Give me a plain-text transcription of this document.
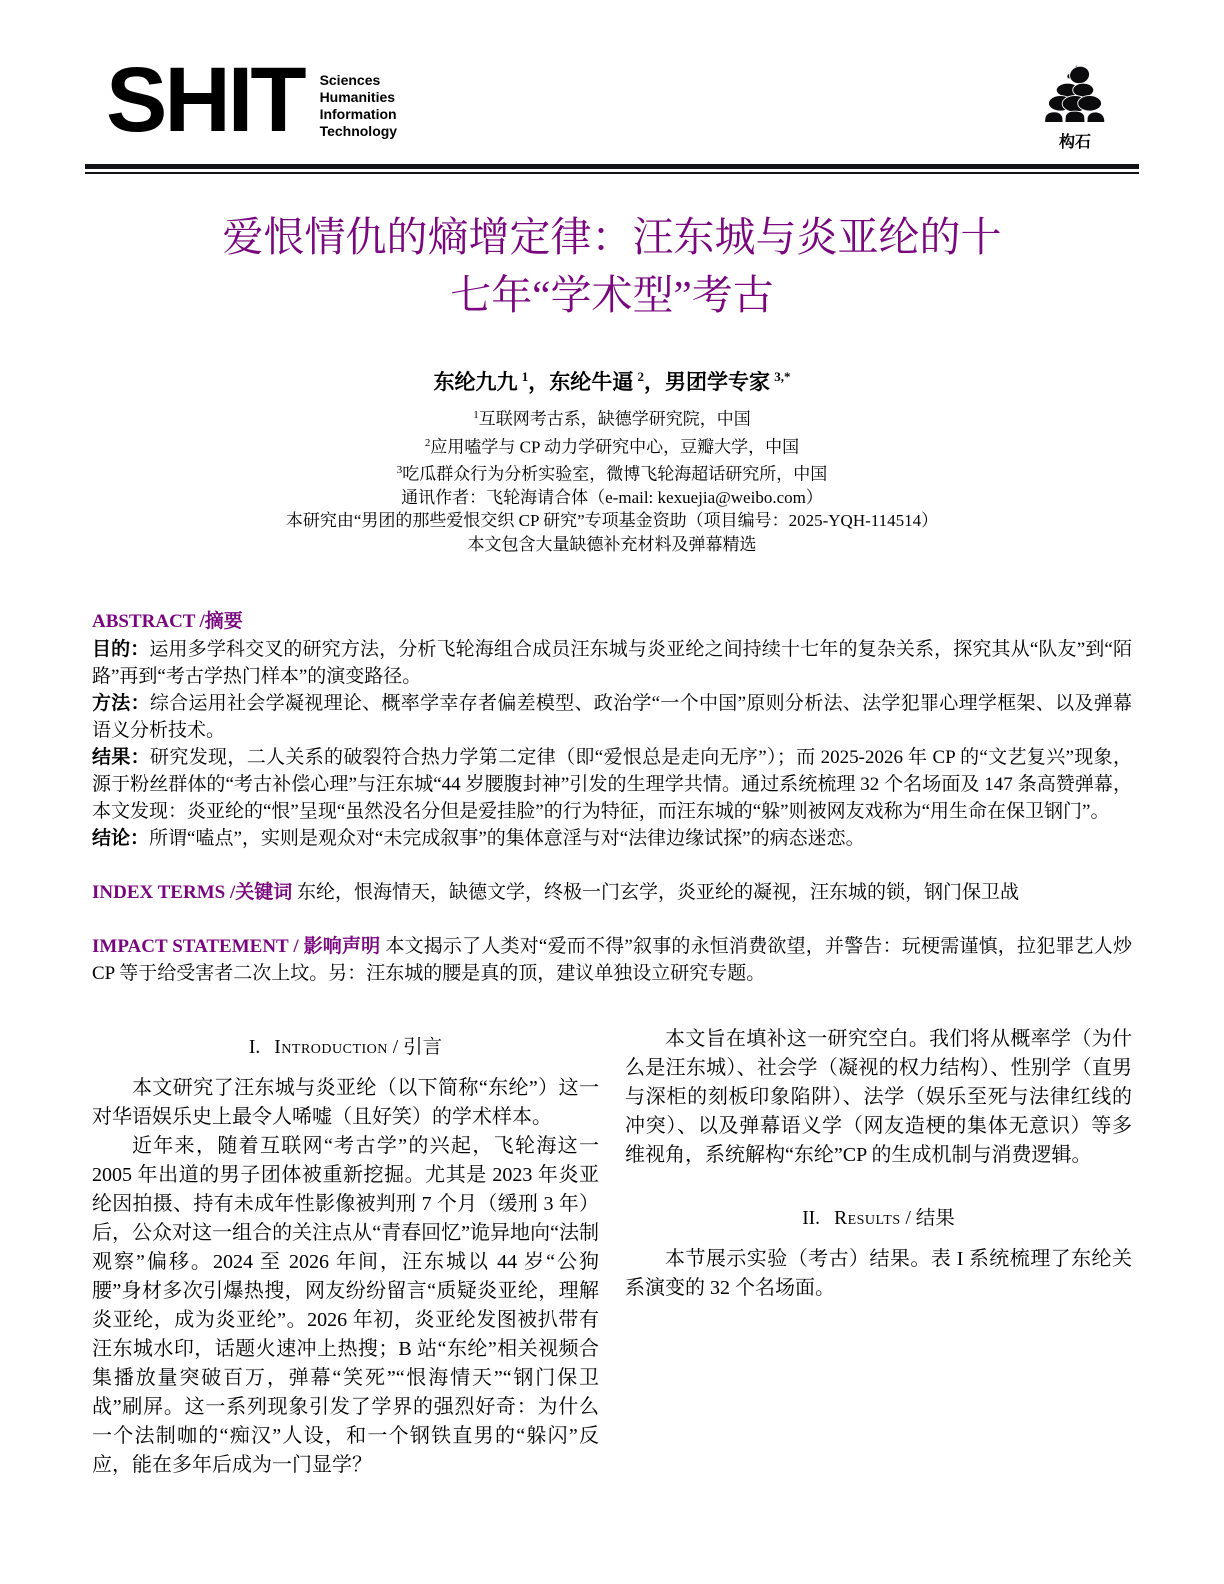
SHIT Sciences
Humanities
Information
Technology
构石
爱恨情仇的熵增定律：汪东城与炎亚纶的十
七年“学术型”考古
东纶九九  $^1$，东纶牛逼  $^2$，男团学专家  $^{3,*}$
$^1$互联网考古系，缺德学研究院，中国
$^2$应用嗑学与 CP 动力学研究中心，豆瓣大学，中国
$^3$吃瓜群众行为分析实验室，微博飞轮海超话研究所，中国
通讯作者：飞轮海请合体（e-mail: kexuejia@weibo.com）
本研究由“男团的那些爱恨交织 CP 研究”专项基金资助（项目编号：2025-YQH-114514）
本文包含大量缺德补充材料及弹幕精选
ABSTRACT /摘要

目的：运用多学科交叉的研究方法，分析飞轮海组合成员汪东城与炎亚纶之间持续十七年的复杂关系，探究其从“队友”到“陌路”再到“考古学热门样本”的演变路径。

方法：综合运用社会学凝视理论、概率学幸存者偏差模型、政治学“一个中国”原则分析法、法学犯罪心理学框架、以及弹幕语义分析技术。

结果：研究发现，二人关系的破裂符合热力学第二定律（即“爱恨总是走向无序”）；而 2025-2026 年 CP 的“文艺复兴”现象，源于粉丝群体的“考古补偿心理”与汪东城“44 岁腰腹封神”引发的生理学共情。通过系统梳理 32 个名场面及 147 条高赞弹幕，本文发现：炎亚纶的“恨”呈现“虽然没名分但是爱挂脸”的行为特征，而汪东城的“躲”则被网友戏称为“用生命在保卫钢门”。

结论：所谓“嗑点”，实则是观众对“未完成叙事”的集体意淫与对“法律边缘试探”的病态迷恋。

INDEX TERMS /关键词 东纶，恨海情天，缺德文学，终极一门玄学，炎亚纶的凝视，汪东城的锁，钢门保卫战
IMPACT STATEMENT / 影响声明 本文揭示了人类对“爱而不得”叙事的永恒消费欲望，并警告：玩梗需谨慎，拉犯罪艺人炒 CP 等于给受害者二次上坟。另：汪东城的腰是真的顶，建议单独设立研究专题。
I. Introduction / 引言

本文研究了汪东城与炎亚纶（以下简称“东纶”）这一对华语娱乐史上最令人唏嘘（且好笑）的学术样本。

近年来，随着互联网“考古学”的兴起，飞轮海这一 2005 年出道的男子团体被重新挖掘。尤其是 2023 年炎亚纶因拍摄、持有未成年性影像被判刑 7 个月（缓刑 3 年）后，公众对这一组合的关注点从“青春回忆”诡异地向“法制观察”偏移。2024 至 2026 年间，汪东城以 44 岁“公狗腰”身材多次引爆热搜，网友纷纷留言“质疑炎亚纶，理解炎亚纶，成为炎亚纶”。2026 年初，炎亚纶发图被扒带有汪东城水印，话题火速冲上热搜；B 站“东纶”相关视频合集播放量突破百万，弹幕“笑死”“恨海情天”“钢门保卫战”刷屏。这一系列现象引发了学界的强烈好奇：为什么一个法制咖的“痴汉”人设，和一个钢铁直男的“躲闪”反应，能在多年后成为一门显学？

本文旨在填补这一研究空白。我们将从概率学（为什么是汪东城）、社会学（凝视的权力结构）、性别学（直男与深柜的刻板印象陷阱）、法学（娱乐至死与法律红线的冲突）、以及弹幕语义学（网友造梗的集体无意识）等多维视角，系统解构“东纶”CP 的生成机制与消费逻辑。

II. Results / 结果

本节展示实验（考古）结果。表 I 系统梳理了东纶关系演变的 32 个名场面。
